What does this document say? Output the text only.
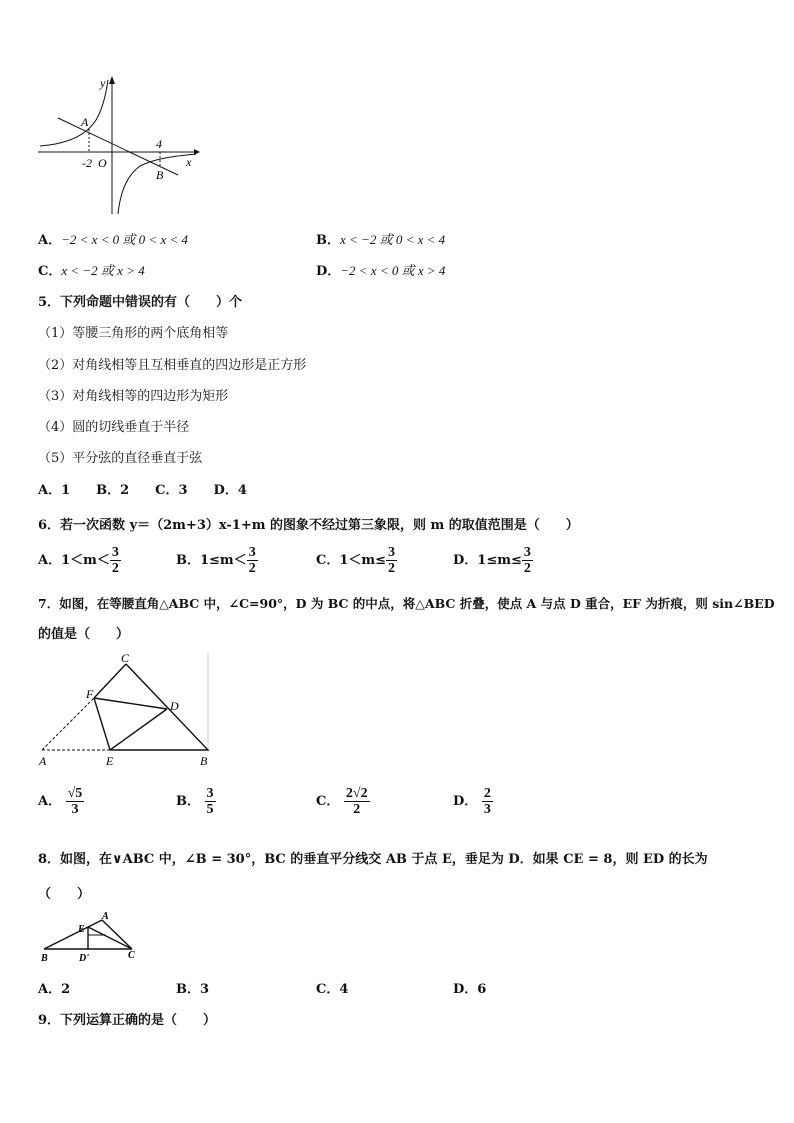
y
A
-2 O
4
x
B
A．−2 < x < 0 或 0 < x < 4	B．x < −2 或 0 < x < 4
C．x < −2 或 x > 4	D．−2 < x < 0 或 x > 4
5．下列命题中错误的有（　　）个
（1）等腰三角形的两个底角相等
（2）对角线相等且互相垂直的四边形是正方形
（3）对角线相等的四边形为矩形
（4）圆的切线垂直于半径
（5）平分弦的直径垂直于弦
A．1　　B．2　　C．3　　D．4
6．若一次函数 y＝（2m+3）x-1+m 的图象不经过第三象限，则 m 的取值范围是（　　）
A．$1<m< \frac{3}{2}$	B．$1\le m< \frac{3}{2}$	C．$1<m\le \frac{3}{2}$	D．$1\le m\le \frac{3}{2}$
7．如图，在等腰直角△ABC 中，∠C=90°，D 为 BC 的中点，将△ABC 折叠，使点 A 与点 D 重合，EF 为折痕，则 sin∠BED
的值是（　　）
C
F
D
A	E	B
A． $\frac{√5}{3}$	B． $\frac{3}{5}$	C． $\frac{2√2}{2}$	D． $\frac{2}{3}$
8．如图，在∨ABC 中，∠B = 30°，BC 的垂直平分线交 AB 于点 E，垂足为 D．如果 CE = 8，则 ED 的长为
（　　）
A
E
B	D'	C
A．2	B．3	C．4	D．6
9．下列运算正确的是（　　）
